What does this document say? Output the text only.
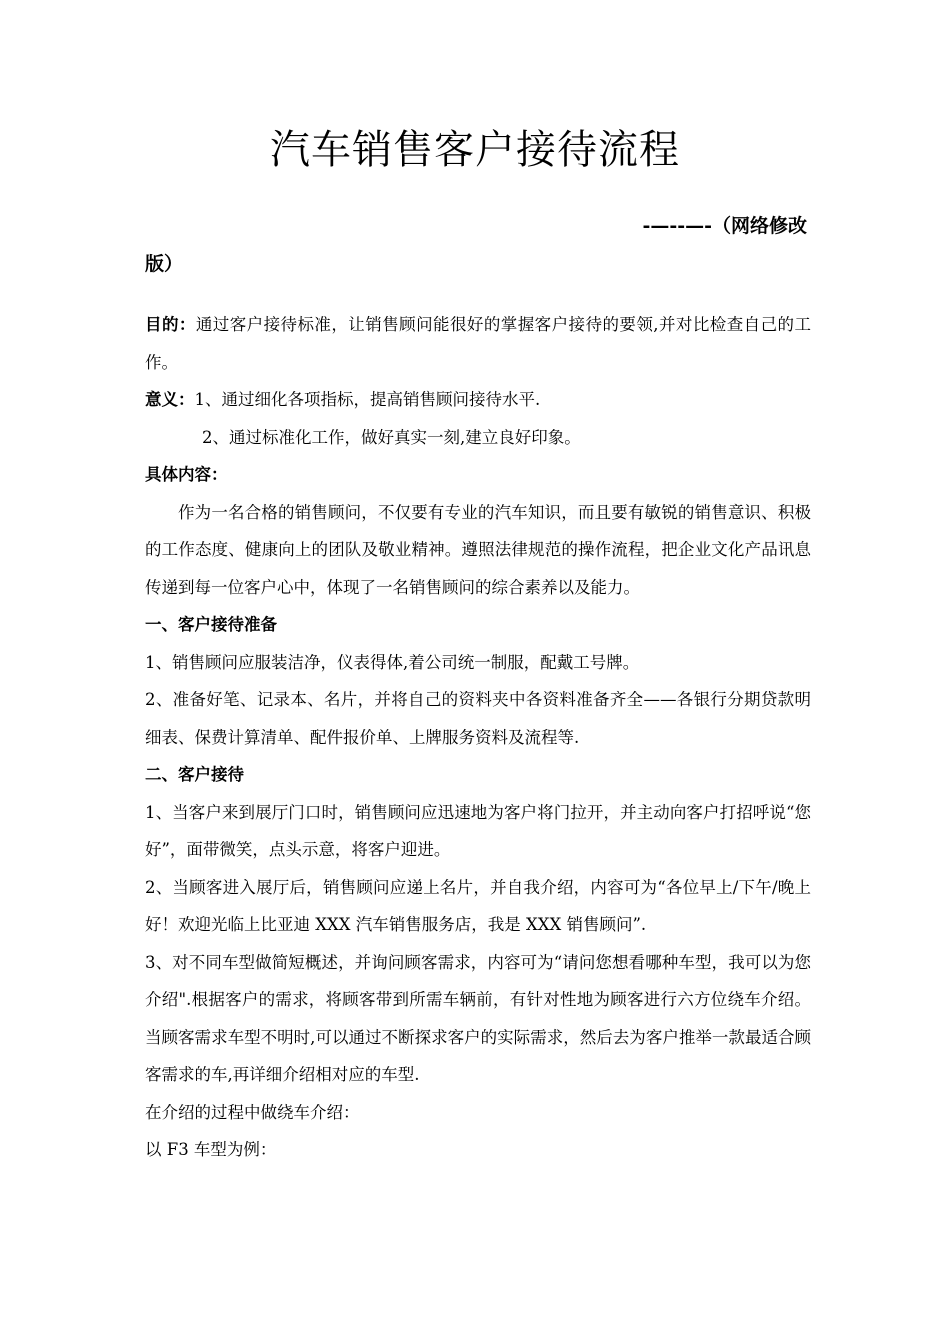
汽车销售客户接待流程
-—--—-（网络修改
版）

目的：通过客户接待标准，让销售顾问能很好的掌握客户接待的要领,并对比检查自己的工作。

意义：1、通过细化各项指标，提高销售顾问接待水平.

2、通过标准化工作，做好真实一刻,建立良好印象。

具体内容：

作为一名合格的销售顾问，不仅要有专业的汽车知识，而且要有敏锐的销售意识、积极的工作态度、健康向上的团队及敬业精神。遵照法律规范的操作流程，把企业文化产品讯息传递到每一位客户心中，体现了一名销售顾问的综合素养以及能力。

一、客户接待准备

1、销售顾问应服装洁净，仪表得体,着公司统一制服，配戴工号牌。

2、准备好笔、记录本、名片，并将自己的资料夹中各资料准备齐全——各银行分期贷款明细表、保费计算清单、配件报价单、上牌服务资料及流程等.

二、客户接待

1、当客户来到展厅门口时，销售顾问应迅速地为客户将门拉开，并主动向客户打招呼说“您好”，面带微笑，点头示意，将客户迎进。

2、当顾客进入展厅后，销售顾问应递上名片，并自我介绍，内容可为“各位早上/下午/晚上好！欢迎光临上比亚迪 XXX 汽车销售服务店，我是 XXX 销售顾问”.

3、对不同车型做简短概述，并询问顾客需求，内容可为“请问您想看哪种车型，我可以为您介绍".根据客户的需求，将顾客带到所需车辆前，有针对性地为顾客进行六方位绕车介绍。当顾客需求车型不明时,可以通过不断探求客户的实际需求，然后去为客户推举一款最适合顾客需求的车,再详细介绍相对应的车型.

在介绍的过程中做绕车介绍：

以 F3 车型为例：
